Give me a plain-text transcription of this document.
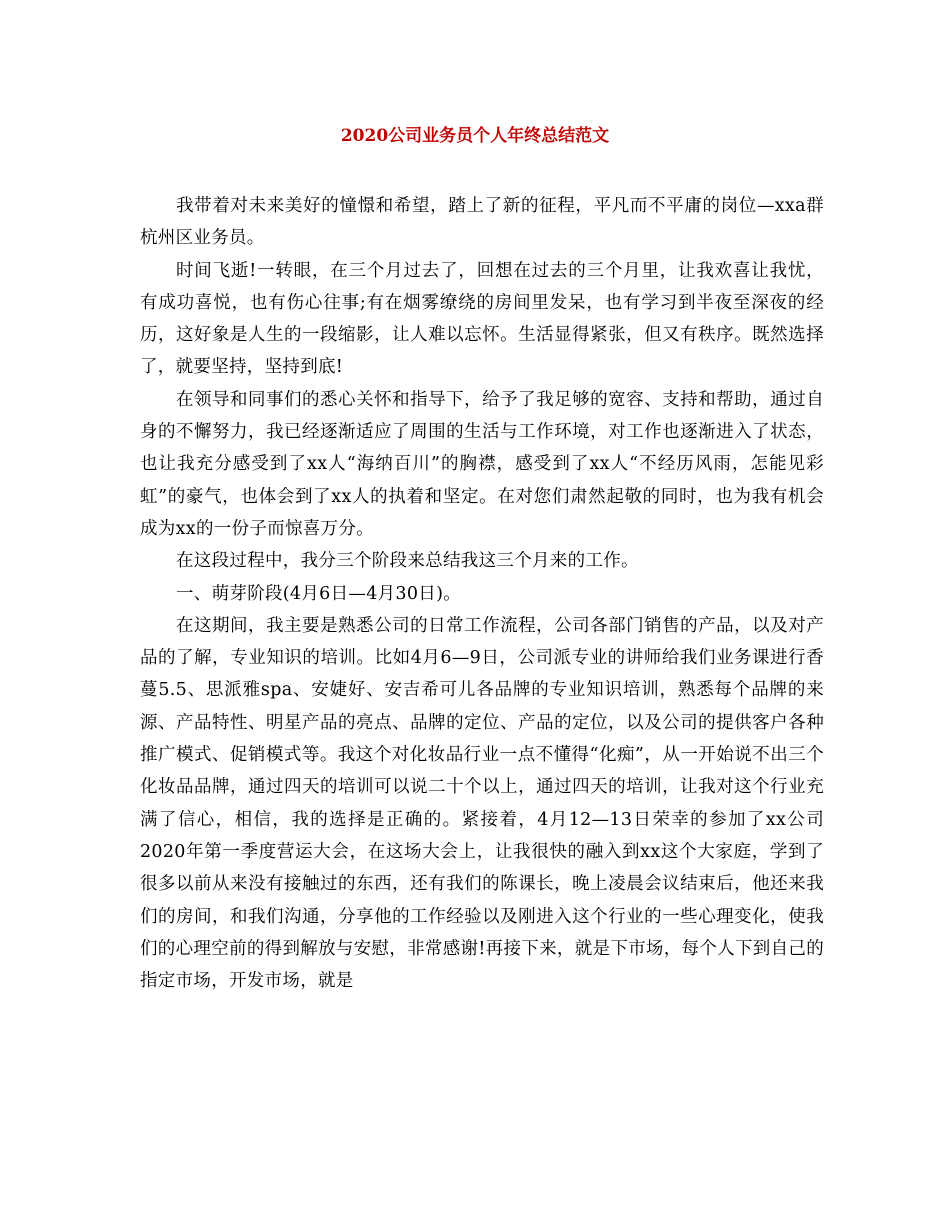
2020公司业务员个人年终总结范文

我带着对未来美好的憧憬和希望，踏上了新的征程，平凡而不平庸的岗位—xxa群杭州区业务员。

时间飞逝!一转眼，在三个月过去了，回想在过去的三个月里，让我欢喜让我忧，有成功喜悦，也有伤心往事;有在烟雾缭绕的房间里发呆，也有学习到半夜至深夜的经历，这好象是人生的一段缩影，让人难以忘怀。生活显得紧张，但又有秩序。既然选择了，就要坚持，坚持到底!

在领导和同事们的悉心关怀和指导下，给予了我足够的宽容、支持和帮助，通过自身的不懈努力，我已经逐渐适应了周围的生活与工作环境，对工作也逐渐进入了状态，也让我充分感受到了xx人“海纳百川”的胸襟，感受到了xx人“不经历风雨，怎能见彩虹”的豪气，也体会到了xx人的执着和坚定。在对您们肃然起敬的同时，也为我有机会成为xx的一份子而惊喜万分。

在这段过程中，我分三个阶段来总结我这三个月来的工作。

一、萌芽阶段(4月6日—4月30日)。

在这期间，我主要是熟悉公司的日常工作流程，公司各部门销售的产品，以及对产品的了解，专业知识的培训。比如4月6—9日，公司派专业的讲师给我们业务课进行香蔓5.5、思派雅spa、安婕好、安吉希可儿各品牌的专业知识培训，熟悉每个品牌的来源、产品特性、明星产品的亮点、品牌的定位、产品的定位，以及公司的提供客户各种推广模式、促销模式等。我这个对化妆品行业一点不懂得“化痴”，从一开始说不出三个化妆品品牌，通过四天的培训可以说二十个以上，通过四天的培训，让我对这个行业充满了信心，相信，我的选择是正确的。紧接着，4月12—13日荣幸的参加了xx公司2020年第一季度营运大会，在这场大会上，让我很快的融入到xx这个大家庭，学到了很多以前从来没有接触过的东西，还有我们的陈课长，晚上凌晨会议结束后，他还来我们的房间，和我们沟通，分享他的工作经验以及刚进入这个行业的一些心理变化，使我们的心理空前的得到解放与安慰，非常感谢!再接下来，就是下市场，每个人下到自己的指定市场，开发市场，就是
